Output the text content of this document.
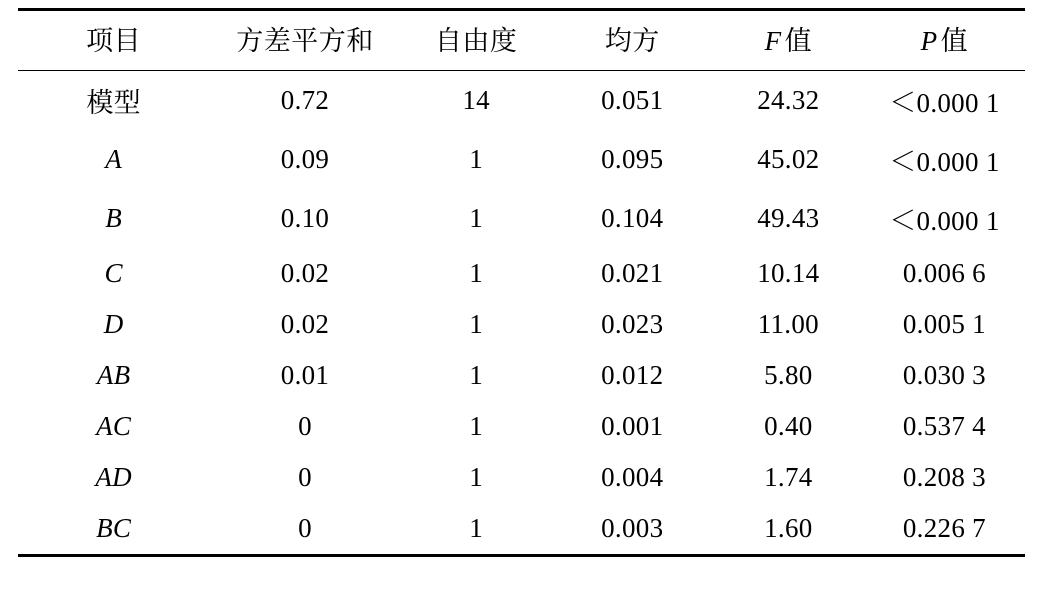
项目	方差平方和	自由度	均方	F 值	P 值
模型	0.72	14	0.051	24.32	＜0.000 1
A	0.09	1	0.095	45.02	＜0.000 1
B	0.10	1	0.104	49.43	＜0.000 1
C	0.02	1	0.021	10.14	0.006 6
D	0.02	1	0.023	11.00	0.005 1
AB	0.01	1	0.012	5.80	0.030 3
AC	0	1	0.001	0.40	0.537 4
AD	0	1	0.004	1.74	0.208 3
BC	0	1	0.003	1.60	0.226 7
